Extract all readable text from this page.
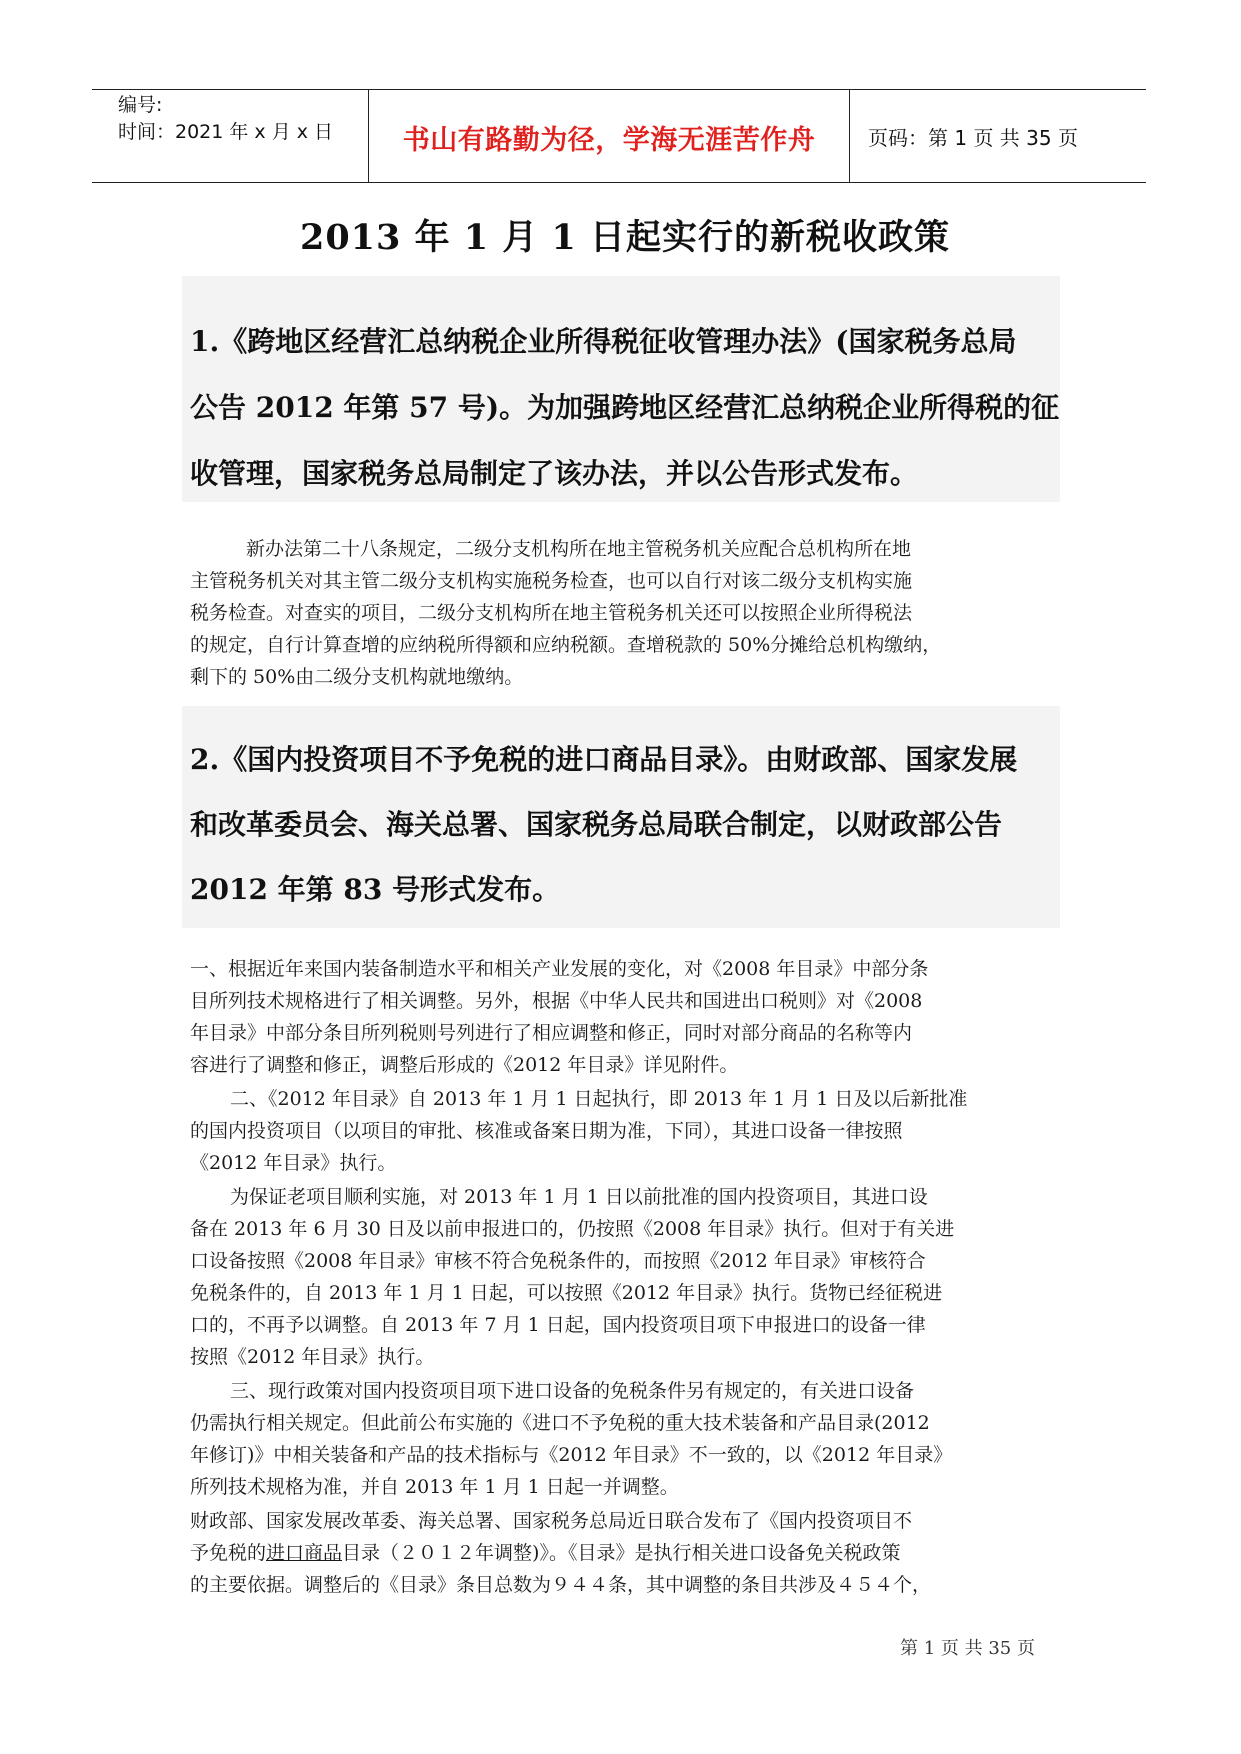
编号:
时间：2021 年 x 月 x 日	书山有路勤为径，学海无涯苦作舟	页码：第 1 页 共 35 页
2013 年 1 月 1 日起实行的新税收政策
1.《跨地区经营汇总纳税企业所得税征收管理办法》(国家税务总局
公告 2012 年第 57 号)。为加强跨地区经营汇总纳税企业所得税的征
收管理，国家税务总局制定了该办法，并以公告形式发布。
新办法第二十八条规定，二级分支机构所在地主管税务机关应配合总机构所在地
主管税务机关对其主管二级分支机构实施税务检查，也可以自行对该二级分支机构实施
税务检查。对查实的项目，二级分支机构所在地主管税务机关还可以按照企业所得税法
的规定，自行计算查增的应纳税所得额和应纳税额。查增税款的 50%分摊给总机构缴纳，
剩下的 50%由二级分支机构就地缴纳。
2.《国内投资项目不予免税的进口商品目录》。由财政部、国家发展
和改革委员会、海关总署、国家税务总局联合制定，以财政部公告
2012 年第 83 号形式发布。
一、根据近年来国内装备制造水平和相关产业发展的变化，对《2008 年目录》中部分条
目所列技术规格进行了相关调整。另外，根据《中华人民共和国进出口税则》对《2008
年目录》中部分条目所列税则号列进行了相应调整和修正，同时对部分商品的名称等内
容进行了调整和修正，调整后形成的《2012 年目录》详见附件。
二、《2012 年目录》自 2013 年 1 月 1 日起执行，即 2013 年 1 月 1 日及以后新批准
的国内投资项目（以项目的审批、核准或备案日期为准，下同），其进口设备一律按照
《2012 年目录》执行。
为保证老项目顺利实施，对 2013 年 1 月 1 日以前批准的国内投资项目，其进口设
备在 2013 年 6 月 30 日及以前申报进口的，仍按照《2008 年目录》执行。但对于有关进
口设备按照《2008 年目录》审核不符合免税条件的，而按照《2012 年目录》审核符合
免税条件的，自 2013 年 1 月 1 日起，可以按照《2012 年目录》执行。货物已经征税进
口的，不再予以调整。自 2013 年 7 月 1 日起，国内投资项目项下申报进口的设备一律
按照《2012 年目录》执行。
三、现行政策对国内投资项目项下进口设备的免税条件另有规定的，有关进口设备
仍需执行相关规定。但此前公布实施的《进口不予免税的重大技术装备和产品目录(2012
年修订)》中相关装备和产品的技术指标与《2012 年目录》不一致的，以《2012 年目录》
所列技术规格为准，并自 2013 年 1 月 1 日起一并调整。
财政部、国家发展改革委、海关总署、国家税务总局近日联合发布了《国内投资项目不
予免税的进口商品目录（２０１２年调整)》。《目录》是执行相关进口设备免关税政策
的主要依据。调整后的《目录》条目总数为９４４条，其中调整的条目共涉及４５４个，
第 1 页 共 35 页
